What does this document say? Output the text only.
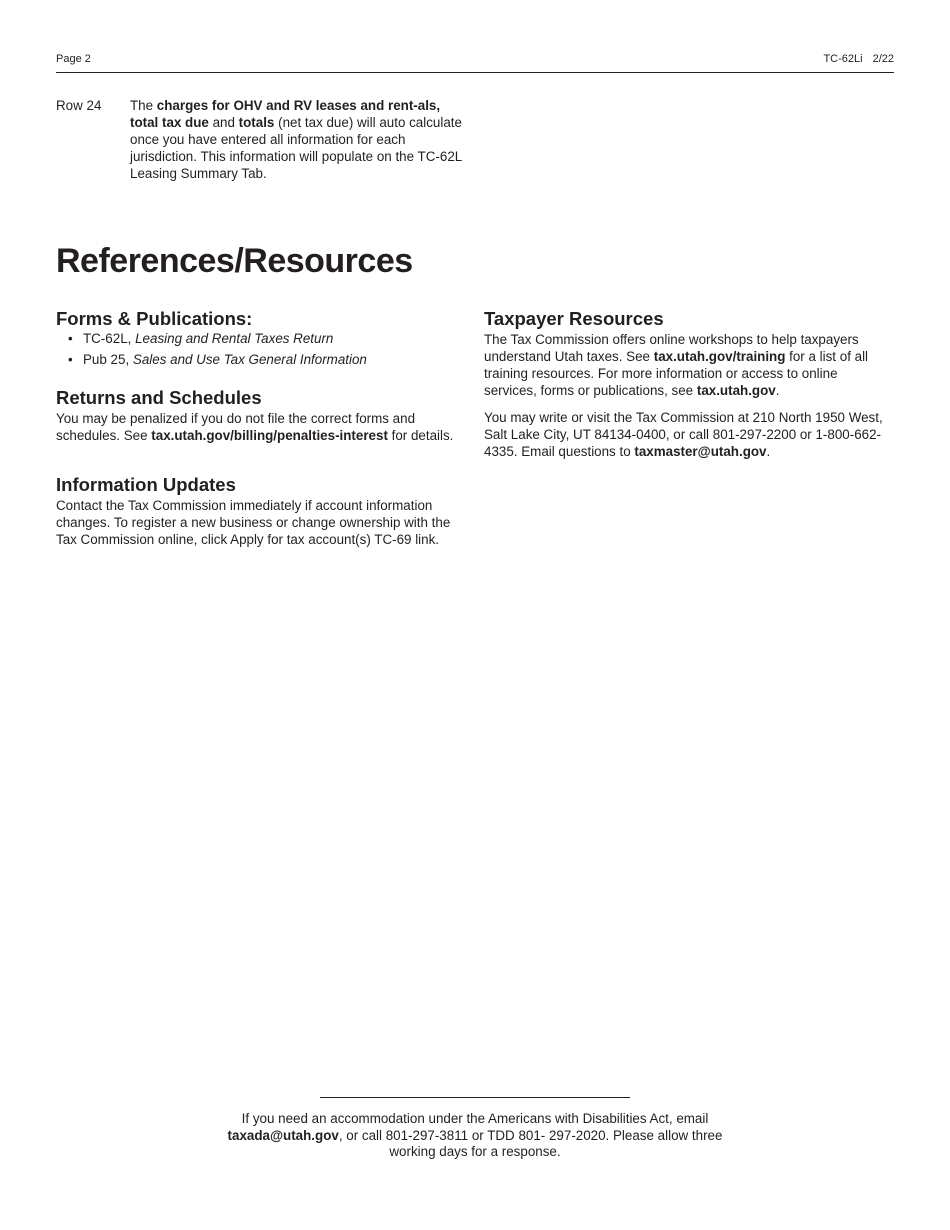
Page 2	TC-62Li 2/22
Row 24 The charges for OHV and RV leases and rent-als, total tax due and totals (net tax due) will auto calculate once you have entered all information for each jurisdiction. This information will populate on the TC-62L Leasing Summary Tab.
References/Resources
Forms & Publications:
• TC-62L, Leasing and Rental Taxes Return
• Pub 25, Sales and Use Tax General Information
Returns and Schedules

You may be penalized if you do not file the correct forms and schedules. See tax.utah.gov/billing/penalties-interest for details.

Information Updates

Contact the Tax Commission immediately if account information changes. To register a new business or change ownership with the Tax Commission online, click Apply for tax account(s) TC-69 link.

Taxpayer Resources

The Tax Commission offers online workshops to help taxpayers understand Utah taxes. See tax.utah.gov/training for a list of all training resources. For more information or access to online services, forms or publications, see tax.utah.gov.

You may write or visit the Tax Commission at 210 North 1950 West, Salt Lake City, UT 84134-0400, or call 801-297-2200 or 1-800-662-4335. Email questions to taxmaster@utah.gov.

If you need an accommodation under the Americans with Disabilities Act, email taxada@utah.gov, or call 801-297-3811 or TDD 801- 297-2020. Please allow three working days for a response.
